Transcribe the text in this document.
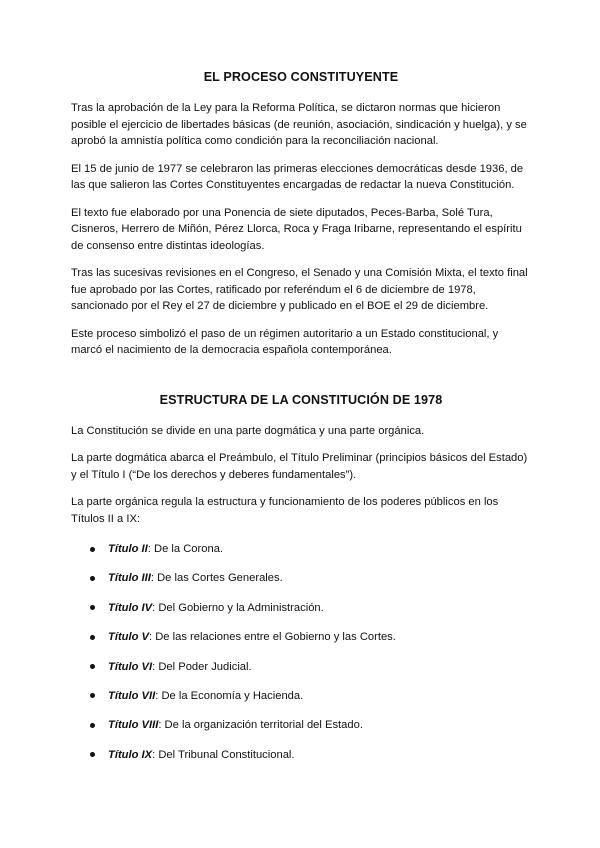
EL PROCESO CONSTITUYENTE

Tras la aprobación de la Ley para la Reforma Política, se dictaron normas que hicieron posible el ejercicio de libertades básicas (de reunión, asociación, sindicación y huelga), y se aprobó la amnistía política como condición para la reconciliación nacional.

El 15 de junio de 1977 se celebraron las primeras elecciones democráticas desde 1936, de las que salieron las Cortes Constituyentes encargadas de redactar la nueva Constitución.

El texto fue elaborado por una Ponencia de siete diputados, Peces-Barba, Solé Tura, Cisneros, Herrero de Miñón, Pérez Llorca, Roca y Fraga Iribarne, representando el espíritu de consenso entre distintas ideologías.

Tras las sucesivas revisiones en el Congreso, el Senado y una Comisión Mixta, el texto final fue aprobado por las Cortes, ratificado por referéndum el 6 de diciembre de 1978, sancionado por el Rey el 27 de diciembre y publicado en el BOE el 29 de diciembre.

Este proceso simbolizó el paso de un régimen autoritario a un Estado constitucional, y marcó el nacimiento de la democracia española contemporánea.

ESTRUCTURA DE LA CONSTITUCIÓN DE 1978

La Constitución se divide en una parte dogmática y una parte orgánica.

La parte dogmática abarca el Preámbulo, el Título Preliminar (principios básicos del Estado) y el Título I (“De los derechos y deberes fundamentales”).

La parte orgánica regula la estructura y funcionamiento de los poderes públicos en los Títulos II a IX:

Título II: De la Corona.
Título III: De las Cortes Generales.
Título IV: Del Gobierno y la Administración.
Título V: De las relaciones entre el Gobierno y las Cortes.
Título VI: Del Poder Judicial.
Título VII: De la Economía y Hacienda.
Título VIII: De la organización territorial del Estado.
Título IX: Del Tribunal Constitucional.
